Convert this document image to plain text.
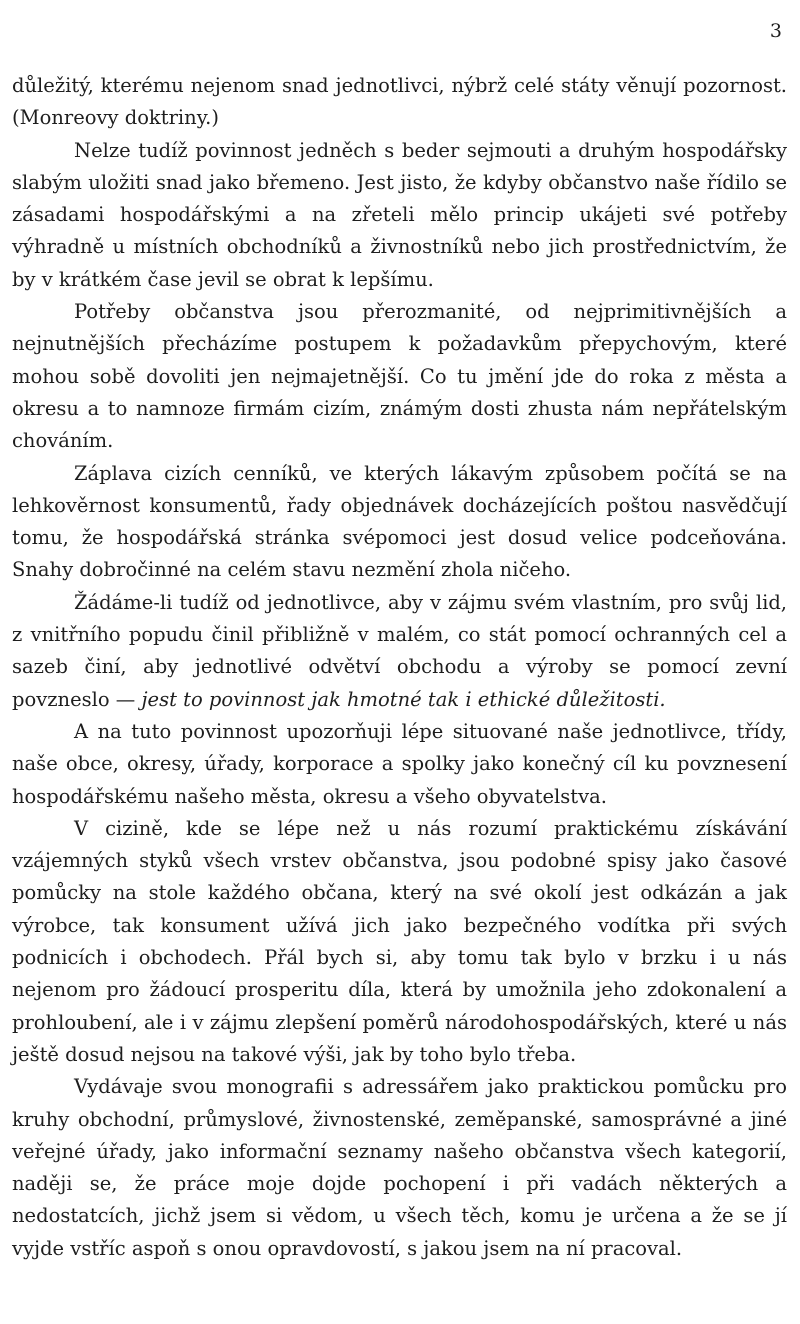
3

důležitý, kterému nejenom snad jednotlivci, nýbrž celé státy věnují pozornost. (Monreovy doktriny.)

Nelze tudíž povinnost jedněch s beder sejmouti a druhým hospodářsky slabým uložiti snad jako břemeno. Jest jisto, že kdyby občanstvo naše řídilo se zásadami hospodářskými a na zřeteli mělo princip ukájeti své potřeby výhradně u místních obchodníků a živnostníků nebo jich prostřednictvím, že by v krátkém čase jevil se obrat k lepšímu.

Potřeby občanstva jsou přerozmanité, od nejprimitivnějších a nejnutnějších přecházíme postupem k požadavkům přepychovým, které mohou sobě dovoliti jen nejmajetnější. Co tu jmění jde do roka z města a okresu a to namnoze firmám cizím, známým dosti zhusta nám nepřátelským chováním.

Záplava cizích cenníků, ve kterých lákavým způsobem počítá se na lehkověrnost konsumentů, řady objednávek docházejících poštou nasvědčují tomu, že hospodářská stránka svépomoci jest dosud velice podceňována. Snahy dobročinné na celém stavu nezmění zhola ničeho.

Žádáme-li tudíž od jednotlivce, aby v zájmu svém vlastním, pro svůj lid, z vnitřního popudu činil přibližně v malém, co stát pomocí ochranných cel a sazeb činí, aby jednotlivé odvětví obchodu a výroby se pomocí zevní povzneslo — jest to povinnost jak hmotné tak i ethické důležitosti.

A na tuto povinnost upozorňuji lépe situované naše jednotlivce, třídy, naše obce, okresy, úřady, korporace a spolky jako konečný cíl ku povznesení hospodářskému našeho města, okresu a všeho obyvatelstva.

V cizině, kde se lépe než u nás rozumí praktickému získávání vzájemných styků všech vrstev občanstva, jsou podobné spisy jako časové pomůcky na stole každého občana, který na své okolí jest odkázán a jak výrobce, tak konsument užívá jich jako bezpečného vodítka při svých podnicích i obchodech. Přál bych si, aby tomu tak bylo v brzku i u nás nejenom pro žádoucí prosperitu díla, která by umožnila jeho zdokonalení a prohloubení, ale i v zájmu zlepšení poměrů národohospodářských, které u nás ještě dosud nejsou na takové výši, jak by toho bylo třeba.

Vydávaje svou monografii s adressářem jako praktickou pomůcku pro kruhy obchodní, průmyslové, živnostenské, zeměpanské, samosprávné a jiné veřejné úřady, jako informační seznamy našeho občanstva všech kategorií, naději se, že práce moje dojde pochopení i při vadách některých a nedostatcích, jichž jsem si vědom, u všech těch, komu je určena a že se jí vyjde vstříc aspoň s onou opravdovostí, s jakou jsem na ní pracoval.
